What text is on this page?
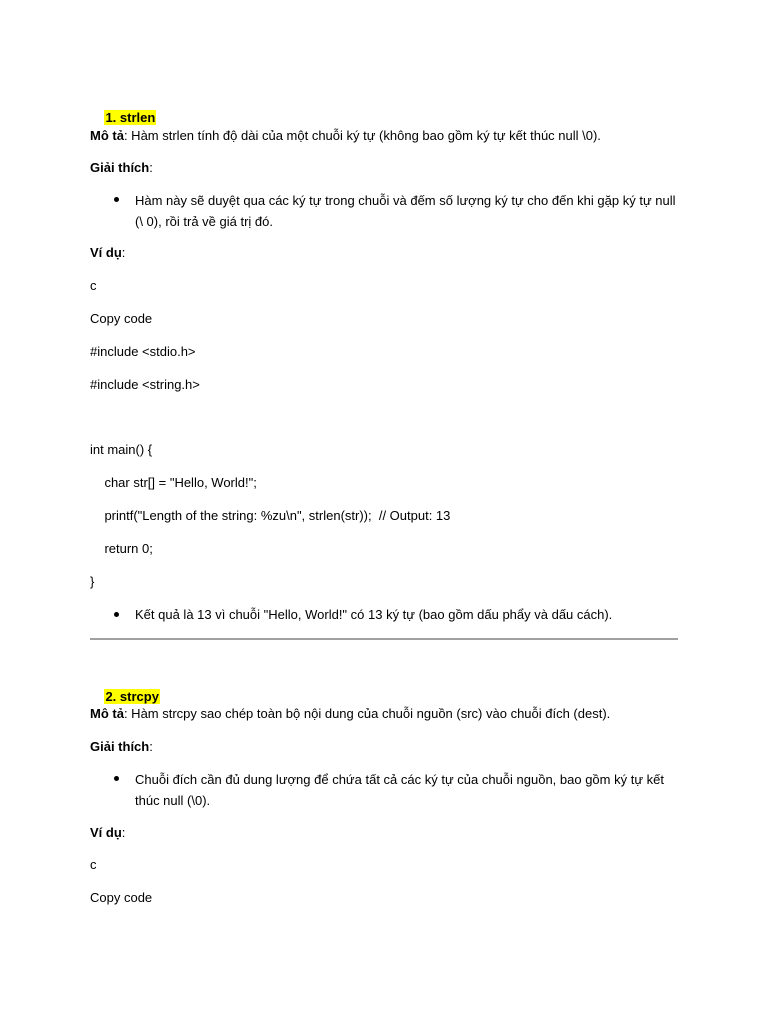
1. strlen

Mô tả: Hàm strlen tính độ dài của một chuỗi ký tự (không bao gồm ký tự kết thúc null \0).
Giải thích:
Hàm này sẽ duyệt qua các ký tự trong chuỗi và đếm số lượng ký tự cho đến khi gặp ký tự null (\ 0), rồi trả về giá trị đó.
Ví dụ:
c
Copy code
#include <stdio.h>
#include <string.h>
int main() {
char str[] = "Hello, World!";
printf("Length of the string: %zu\n", strlen(str));  // Output: 13
return 0;
}
Kết quả là 13 vì chuỗi "Hello, World!" có 13 ký tự (bao gồm dấu phẩy và dấu cách).

2. strcpy

Mô tả: Hàm strcpy sao chép toàn bộ nội dung của chuỗi nguồn (src) vào chuỗi đích (dest).
Giải thích:
Chuỗi đích cần đủ dung lượng để chứa tất cả các ký tự của chuỗi nguồn, bao gồm ký tự kết thúc null (\0).
Ví dụ:
c
Copy code
